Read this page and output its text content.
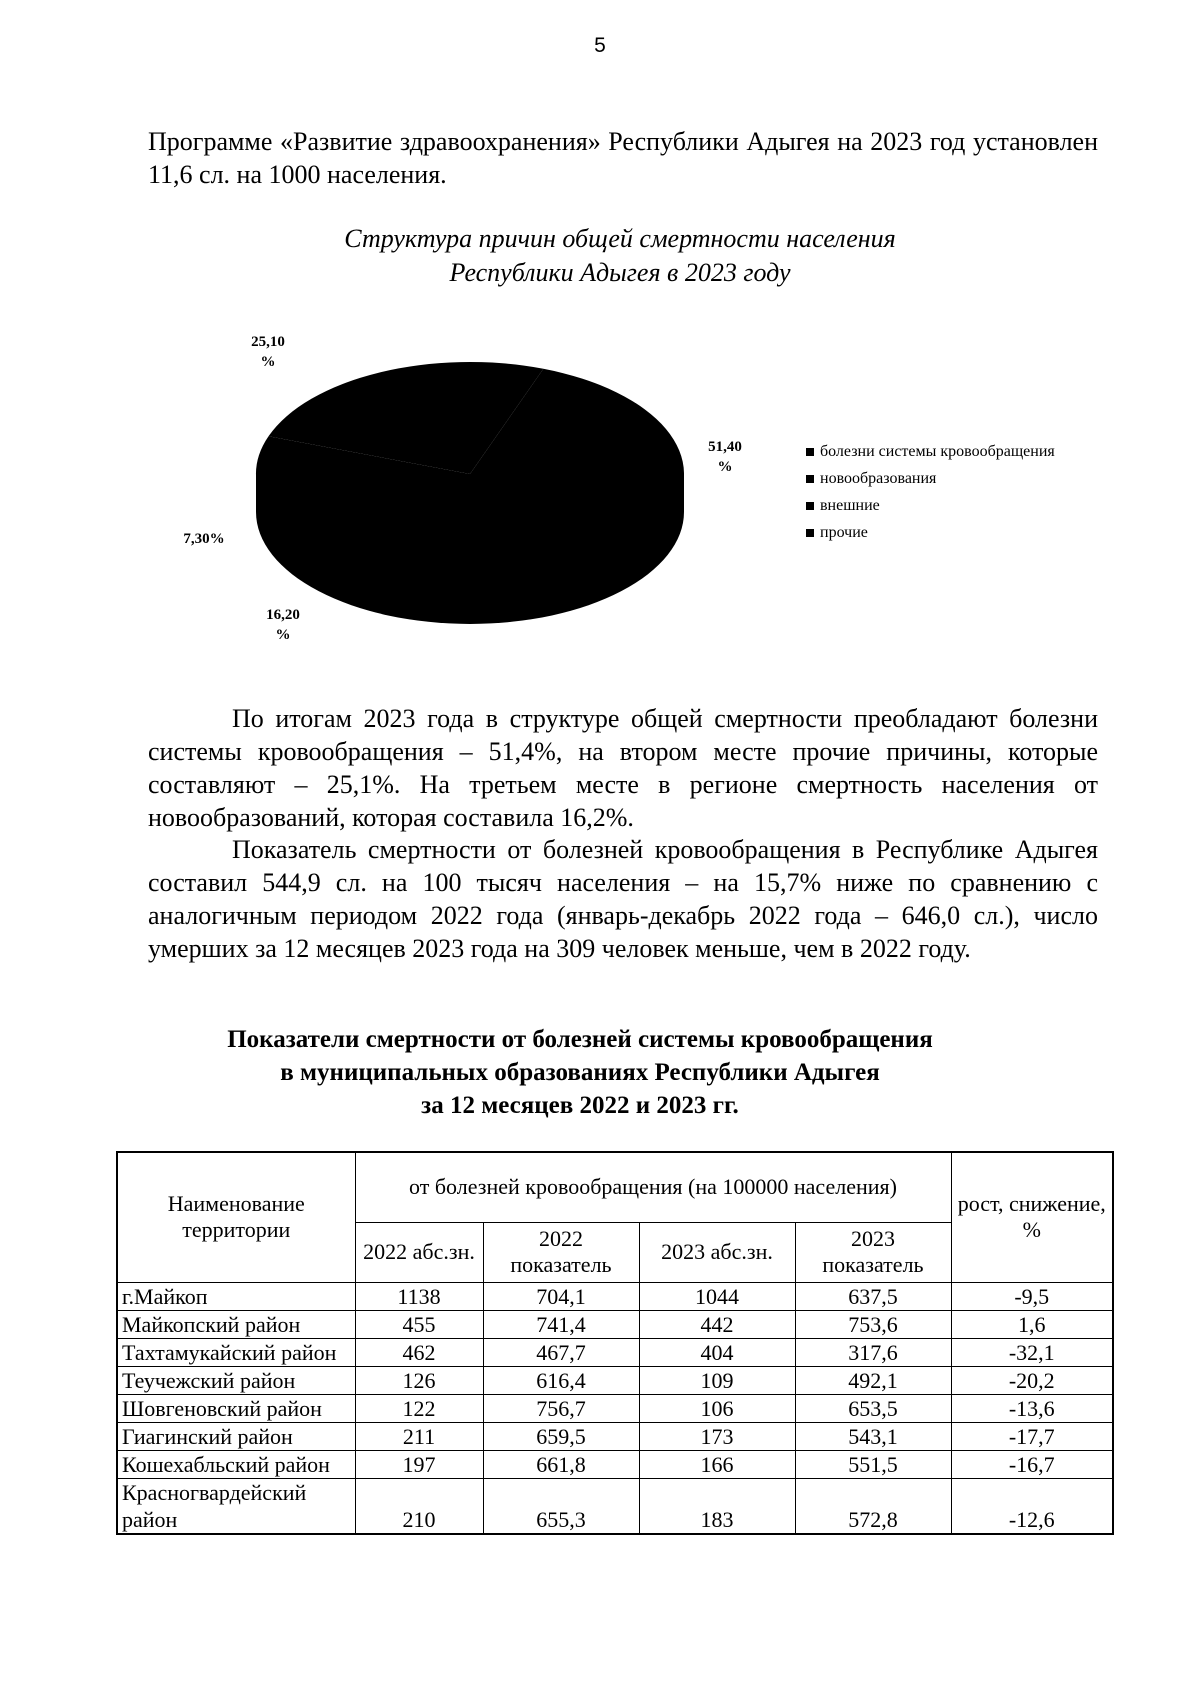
5

Программе «Развитие здравоохранения» Республики Адыгея на 2023 год установлен 11,6 сл. на 1000 населения.

Структура причин общей смертности населения
Республики Адыгея в 2023 году
25,10 %
51,40 %
7,30%
16,20 %
болезни системы кровообращения
новообразования
внешние
прочие

По итогам 2023 года в структуре общей смертности преобладают болезни системы кровообращения – 51,4%, на втором месте прочие причины, которые составляют – 25,1%. На третьем месте в регионе смертность населения от новообразований, которая составила 16,2%.

Показатель смертности от болезней кровообращения в Республике Адыгея составил 544,9 сл. на 100 тысяч населения – на 15,7% ниже по сравнению с аналогичным периодом 2022 года (январь-декабрь 2022 года – 646,0 сл.), число умерших за 12 месяцев 2023 года на 309 человек меньше, чем в 2022 году.

Показатели смертности от болезней системы кровообращения
в муниципальных образованиях Республики Адыгея
за 12 месяцев 2022 и 2023 гг.
Наименование территории	от болезней кровообращения (на 100000 населения)				рост, снижение, %
	2022 абс.зн.	2022 показатель	2023 абс.зн.	2023 показатель	
г.Майкоп	1138	704,1	1044	637,5	-9,5
Майкопский район	455	741,4	442	753,6	1,6
Тахтамукайский район	462	467,7	404	317,6	-32,1
Теучежский район	126	616,4	109	492,1	-20,2
Шовгеновский район	122	756,7	106	653,5	-13,6
Гиагинский район	211	659,5	173	543,1	-17,7
Кошехабльский район	197	661,8	166	551,5	-16,7
Красногвардейский район	210	655,3	183	572,8	-12,6
